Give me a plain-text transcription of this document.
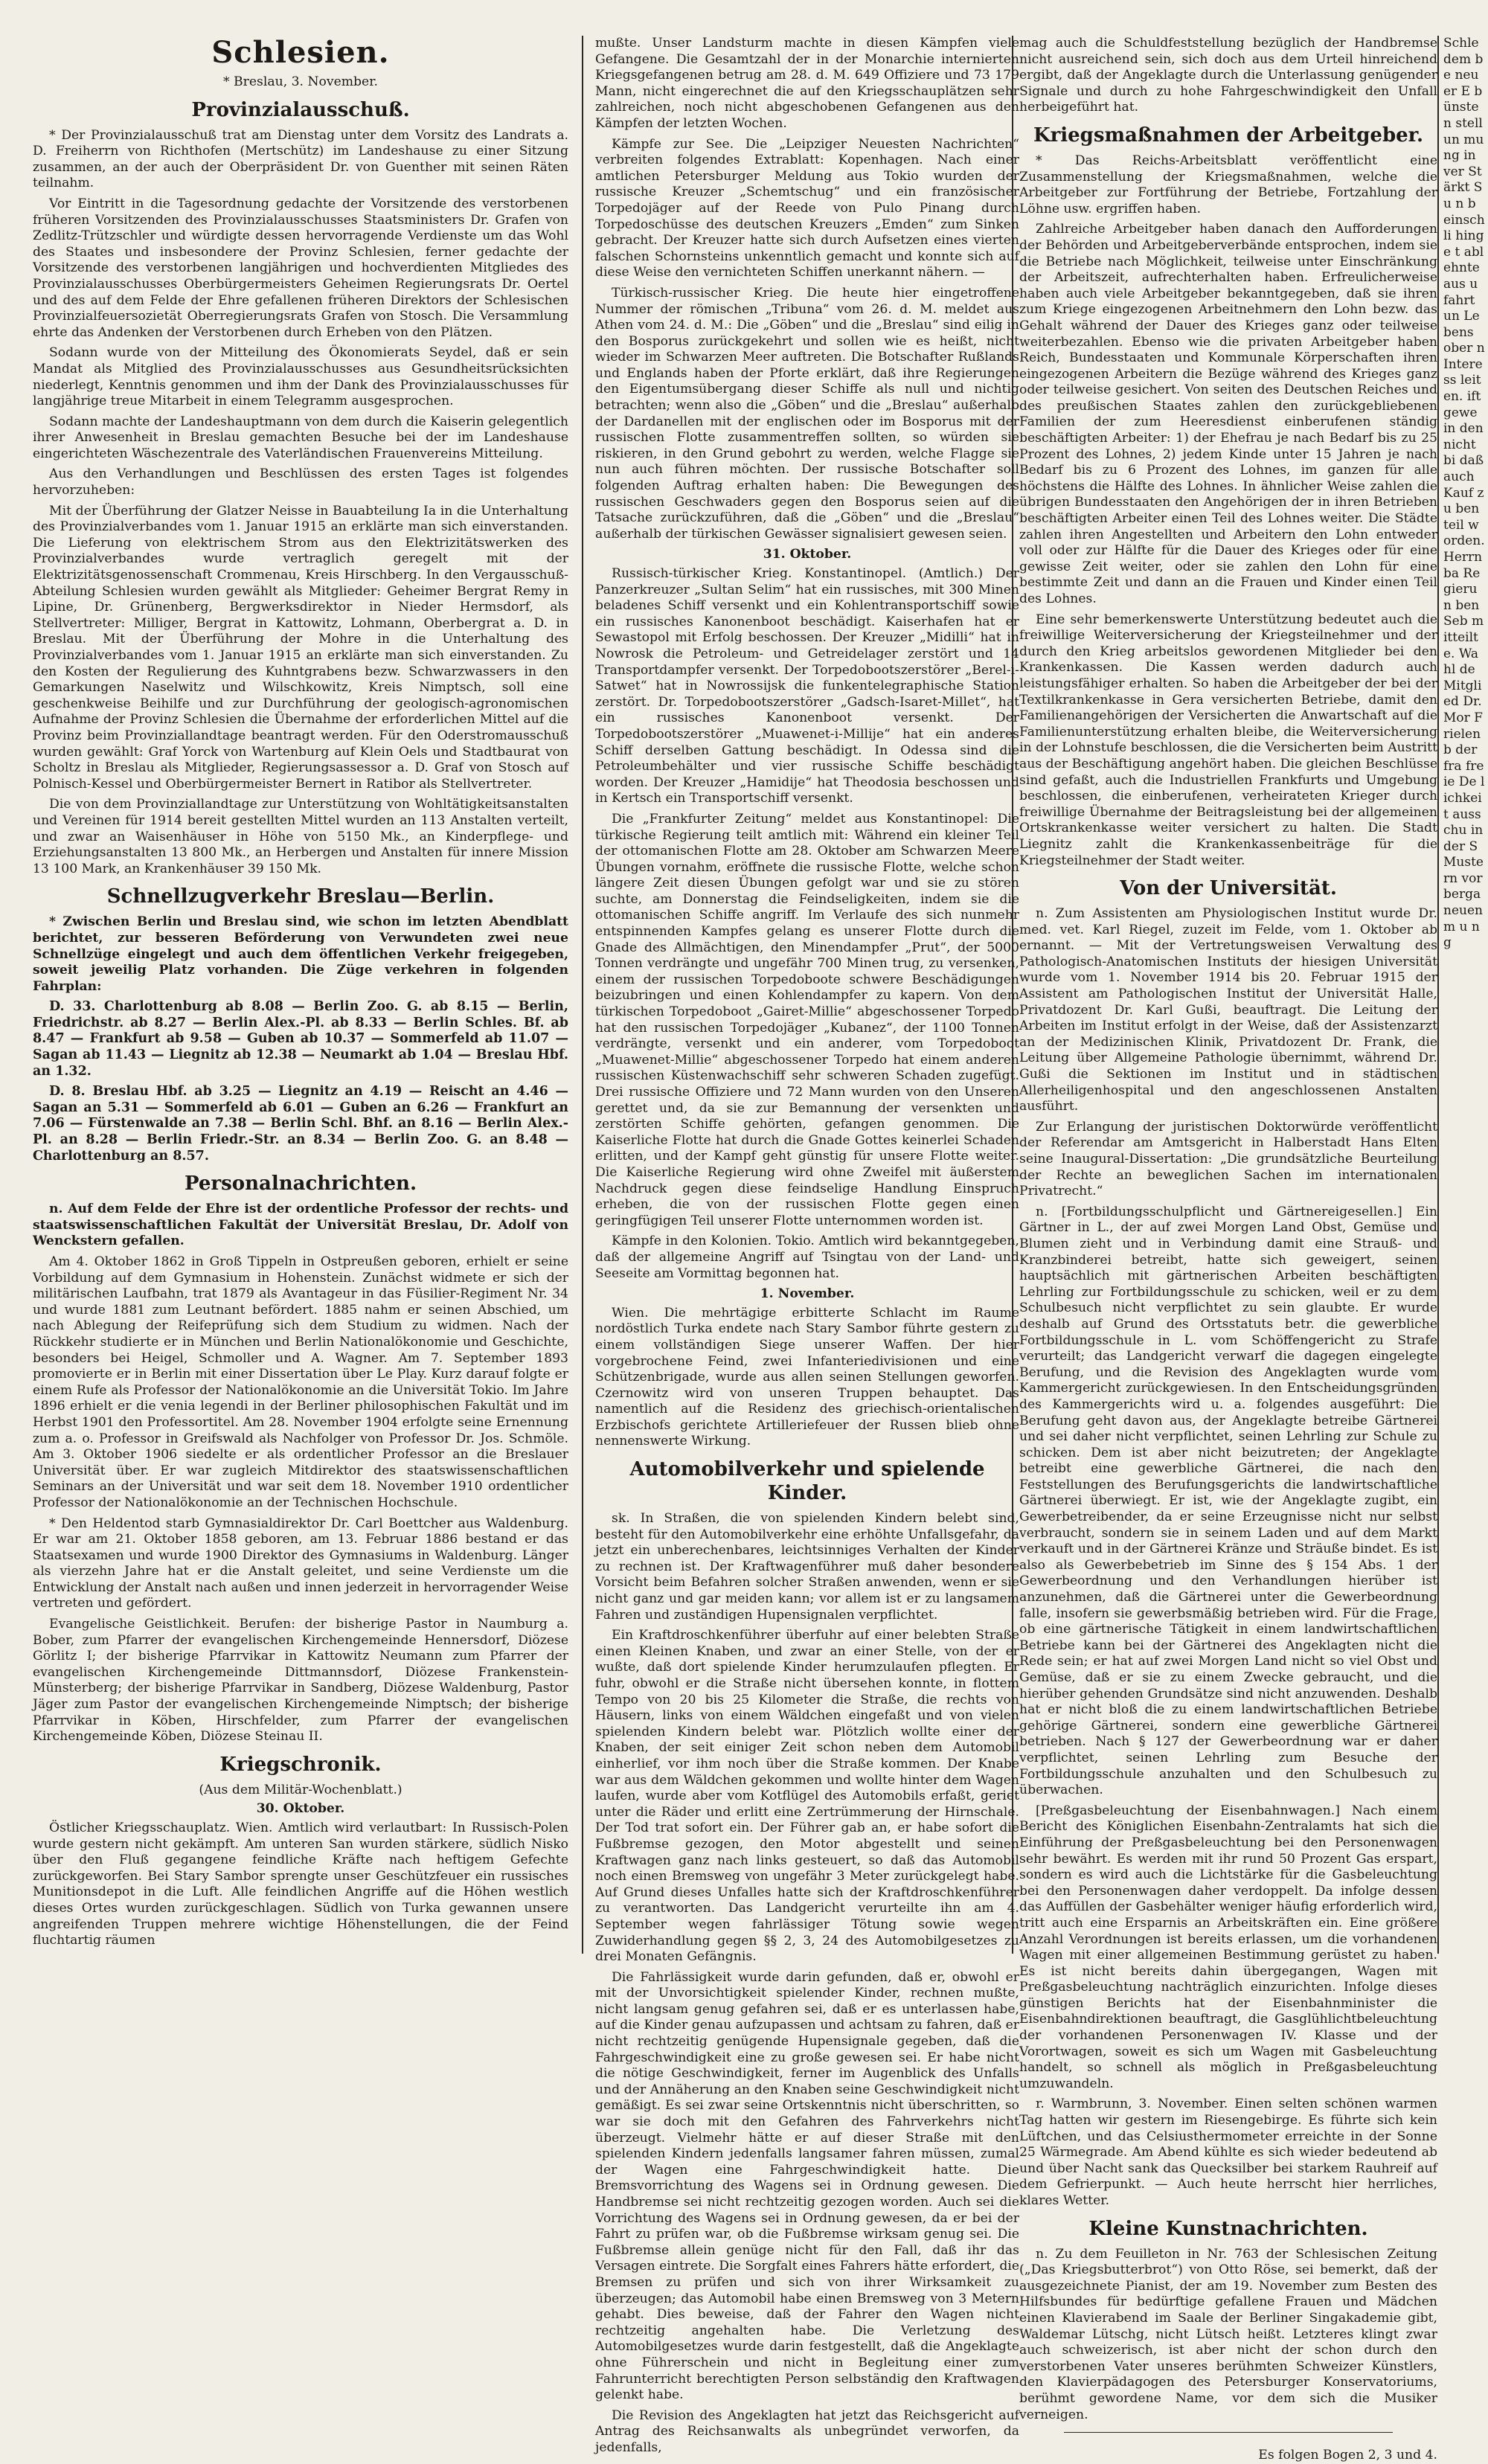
Schlesien.

* Breslau, 3. November.

Provinzialausschuß.

* Der Provinzialausschuß trat am Dienstag unter dem Vorsitz des Landrats a. D. Freiherrn von Richthofen (Mertschütz) im Landeshause zu einer Sitzung zusammen, an der auch der Oberpräsident Dr. von Guenther mit seinen Räten teilnahm.

Vor Eintritt in die Tagesordnung gedachte der Vorsitzende des verstorbenen früheren Vorsitzenden des Provinzialausschusses Staatsministers Dr. Grafen von Zedlitz-Trützschler und würdigte dessen hervorragende Verdienste um das Wohl des Staates und insbesondere der Provinz Schlesien, ferner gedachte der Vorsitzende des verstorbenen langjährigen und hochverdienten Mitgliedes des Provinzialausschusses Oberbürgermeisters Geheimen Regierungsrats Dr. Oertel und des auf dem Felde der Ehre gefallenen früheren Direktors der Schlesischen Provinzialfeuersozietät Oberregierungsrats Grafen von Stosch. Die Versammlung ehrte das Andenken der Verstorbenen durch Erheben von den Plätzen.

Sodann wurde von der Mitteilung des Ökonomierats Seydel, daß er sein Mandat als Mitglied des Provinzialausschusses aus Gesundheitsrücksichten niederlegt, Kenntnis genommen und ihm der Dank des Provinzialausschusses für langjährige treue Mitarbeit in einem Telegramm ausgesprochen.

Sodann machte der Landeshauptmann von dem durch die Kaiserin gelegentlich ihrer Anwesenheit in Breslau gemachten Besuche bei der im Landeshause eingerichteten Wäschezentrale des Vaterländischen Frauenvereins Mitteilung.

Aus den Verhandlungen und Beschlüssen des ersten Tages ist folgendes hervorzuheben:

Mit der Überführung der Glatzer Neisse in Bauabteilung Ia in die Unterhaltung des Provinzialverbandes vom 1. Januar 1915 an erklärte man sich einverstanden. Die Lieferung von elektrischem Strom aus den Elektrizitätswerken des Provinzialverbandes wurde vertraglich geregelt mit der Elektrizitätsgenossenschaft Crommenau, Kreis Hirschberg. In den Vergausschuß-Abteilung Schlesien wurden gewählt als Mitglieder: Geheimer Bergrat Remy in Lipine, Dr. Grünenberg, Bergwerksdirektor in Nieder Hermsdorf, als Stellvertreter: Milliger, Bergrat in Kattowitz, Lohmann, Oberbergrat a. D. in Breslau. Mit der Überführung der Mohre in die Unterhaltung des Provinzialverbandes vom 1. Januar 1915 an erklärte man sich einverstanden. Zu den Kosten der Regulierung des Kuhntgrabens bezw. Schwarzwassers in den Gemarkungen Naselwitz und Wilschkowitz, Kreis Nimptsch, soll eine geschenkweise Beihilfe und zur Durchführung der geologisch-agronomischen Aufnahme der Provinz Schlesien die Übernahme der erforderlichen Mittel auf die Provinz beim Provinziallandtage beantragt werden. Für den Oderstromausschuß wurden gewählt: Graf Yorck von Wartenburg auf Klein Oels und Stadtbaurat von Scholtz in Breslau als Mitglieder, Regierungsassessor a. D. Graf von Stosch auf Polnisch-Kessel und Oberbürgermeister Bernert in Ratibor als Stellvertreter.

Die von dem Provinziallandtage zur Unterstützung von Wohltätigkeitsanstalten und Vereinen für 1914 bereit gestellten Mittel wurden an 113 Anstalten verteilt, und zwar an Waisenhäuser in Höhe von 5150 Mk., an Kinderpflege- und Erziehungsanstalten 13 800 Mk., an Herbergen und Anstalten für innere Mission 13 100 Mark, an Krankenhäuser 39 150 Mk.

Schnellzugverkehr Breslau—Berlin.

* Zwischen Berlin und Breslau sind, wie schon im letzten Abendblatt berichtet, zur besseren Beförderung von Verwundeten zwei neue Schnellzüge eingelegt und auch dem öffentlichen Verkehr freigegeben, soweit jeweilig Platz vorhanden. Die Züge verkehren in folgenden Fahrplan:

D. 33. Charlottenburg ab 8.08 — Berlin Zoo. G. ab 8.15 — Berlin, Friedrichstr. ab 8.27 — Berlin Alex.-Pl. ab 8.33 — Berlin Schles. Bf. ab 8.47 — Frankfurt ab 9.58 — Guben ab 10.37 — Sommerfeld ab 11.07 — Sagan ab 11.43 — Liegnitz ab 12.38 — Neumarkt ab 1.04 — Breslau Hbf. an 1.32.

D. 8. Breslau Hbf. ab 3.25 — Liegnitz an 4.19 — Reischt an 4.46 — Sagan an 5.31 — Sommerfeld ab 6.01 — Guben an 6.26 — Frankfurt an 7.06 — Fürstenwalde an 7.38 — Berlin Schl. Bhf. an 8.16 — Berlin Alex.-Pl. an 8.28 — Berlin Friedr.-Str. an 8.34 — Berlin Zoo. G. an 8.48 — Charlottenburg an 8.57.

Personalnachrichten.

n. Auf dem Felde der Ehre ist der ordentliche Professor der rechts- und staatswissenschaftlichen Fakultät der Universität Breslau, Dr. Adolf von Wenckstern gefallen.

Am 4. Oktober 1862 in Groß Tippeln in Ostpreußen geboren, erhielt er seine Vorbildung auf dem Gymnasium in Hohenstein. Zunächst widmete er sich der militärischen Laufbahn, trat 1879 als Avantageur in das Füsilier-Regiment Nr. 34 und wurde 1881 zum Leutnant befördert. 1885 nahm er seinen Abschied, um nach Ablegung der Reifeprüfung sich dem Studium zu widmen. Nach der Rückkehr studierte er in München und Berlin Nationalökonomie und Geschichte, besonders bei Heigel, Schmoller und A. Wagner. Am 7. September 1893 promovierte er in Berlin mit einer Dissertation über Le Play. Kurz darauf folgte er einem Rufe als Professor der Nationalökonomie an die Universität Tokio. Im Jahre 1896 erhielt er die venia legendi in der Berliner philosophischen Fakultät und im Herbst 1901 den Professortitel. Am 28. November 1904 erfolgte seine Ernennung zum a. o. Professor in Greifswald als Nachfolger von Professor Dr. Jos. Schmöle. Am 3. Oktober 1906 siedelte er als ordentlicher Professor an die Breslauer Universität über. Er war zugleich Mitdirektor des staatswissenschaftlichen Seminars an der Universität und war seit dem 18. November 1910 ordentlicher Professor der Nationalökonomie an der Technischen Hochschule.

* Den Heldentod starb Gymnasialdirektor Dr. Carl Boettcher aus Waldenburg. Er war am 21. Oktober 1858 geboren, am 13. Februar 1886 bestand er das Staatsexamen und wurde 1900 Direktor des Gymnasiums in Waldenburg. Länger als vierzehn Jahre hat er die Anstalt geleitet, und seine Verdienste um die Entwicklung der Anstalt nach außen und innen jederzeit in hervorragender Weise vertreten und gefördert.

Evangelische Geistlichkeit. Berufen: der bisherige Pastor in Naumburg a. Bober, zum Pfarrer der evangelischen Kirchengemeinde Hennersdorf, Diözese Görlitz I; der bisherige Pfarrvikar in Kattowitz Neumann zum Pfarrer der evangelischen Kirchengemeinde Dittmannsdorf, Diözese Frankenstein-Münsterberg; der bisherige Pfarrvikar in Sandberg, Diözese Waldenburg, Pastor Jäger zum Pastor der evangelischen Kirchengemeinde Nimptsch; der bisherige Pfarrvikar in Köben, Hirschfelder, zum Pfarrer der evangelischen Kirchengemeinde Köben, Diözese Steinau II.

Kriegschronik.

(Aus dem Militär-Wochenblatt.)

30. Oktober.

Östlicher Kriegsschauplatz. Wien. Amtlich wird verlautbart: In Russisch-Polen wurde gestern nicht gekämpft. Am unteren San wurden stärkere, südlich Nisko über den Fluß gegangene feindliche Kräfte nach heftigem Gefechte zurückgeworfen. Bei Stary Sambor sprengte unser Geschützfeuer ein russisches Munitionsdepot in die Luft. Alle feindlichen Angriffe auf die Höhen westlich dieses Ortes wurden zurückgeschlagen. Südlich von Turka gewannen unsere angreifenden Truppen mehrere wichtige Höhenstellungen, die der Feind fluchtartig räumen

mußte. Unser Landsturm machte in diesen Kämpfen viele Gefangene. Die Gesamtzahl der in der Monarchie internierten Kriegsgefangenen betrug am 28. d. M. 649 Offiziere und 73 179 Mann, nicht eingerechnet die auf den Kriegsschauplätzen sehr zahlreichen, noch nicht abgeschobenen Gefangenen aus den Kämpfen der letzten Wochen.

Kämpfe zur See. Die „Leipziger Neuesten Nachrichten“ verbreiten folgendes Extrablatt: Kopenhagen. Nach einer amtlichen Petersburger Meldung aus Tokio wurden der russische Kreuzer „Schemtschug“ und ein französischer Torpedojäger auf der Reede von Pulo Pinang durch Torpedoschüsse des deutschen Kreuzers „Emden“ zum Sinken gebracht. Der Kreuzer hatte sich durch Aufsetzen eines vierten falschen Schornsteins unkenntlich gemacht und konnte sich auf diese Weise den vernichteten Schiffen unerkannt nähern. —

Türkisch-russischer Krieg. Die heute hier eingetroffene Nummer der römischen „Tribuna“ vom 26. d. M. meldet aus Athen vom 24. d. M.: Die „Göben“ und die „Breslau“ sind eilig in den Bosporus zurückgekehrt und sollen wie es heißt, nicht wieder im Schwarzen Meer auftreten. Die Botschafter Rußlands und Englands haben der Pforte erklärt, daß ihre Regierungen den Eigentumsübergang dieser Schiffe als null und nichtig betrachten; wenn also die „Göben“ und die „Breslau“ außerhalb der Dardanellen mit der englischen oder im Bosporus mit der russischen Flotte zusammentreffen sollten, so würden sie riskieren, in den Grund gebohrt zu werden, welche Flagge sie nun auch führen möchten. Der russische Botschafter soll folgenden Auftrag erhalten haben: Die Bewegungen des russischen Geschwaders gegen den Bosporus seien auf die Tatsache zurückzuführen, daß die „Göben“ und die „Breslau“ außerhalb der türkischen Gewässer signalisiert gewesen seien.

31. Oktober.

Russisch-türkischer Krieg. Konstantinopel. (Amtlich.) Der Panzerkreuzer „Sultan Selim“ hat ein russisches, mit 300 Minen beladenes Schiff versenkt und ein Kohlentransportschiff sowie ein russisches Kanonenboot beschädigt. Kaiserhafen hat er Sewastopol mit Erfolg beschossen. Der Kreuzer „Midilli“ hat in Nowrosk die Petroleum- und Getreidelager zerstört und 14 Transportdampfer versenkt. Der Torpedobootszerstörer „Berel-i-Satwet“ hat in Nowrossijsk die funkentelegraphische Station zerstört. Dr. Torpedobootszerstörer „Gadsch-Isaret-Millet“, hat ein russisches Kanonenboot versenkt. Der Torpedobootszerstörer „Muawenet-i-Millije“ hat ein anderes Schiff derselben Gattung beschädigt. In Odessa sind die Petroleumbehälter und vier russische Schiffe beschädigt worden. Der Kreuzer „Hamidije“ hat Theodosia beschossen und in Kertsch ein Transportschiff versenkt.

Die „Frankfurter Zeitung“ meldet aus Konstantinopel: Die türkische Regierung teilt amtlich mit: Während ein kleiner Teil der ottomanischen Flotte am 28. Oktober am Schwarzen Meere Übungen vornahm, eröffnete die russische Flotte, welche schon längere Zeit diesen Übungen gefolgt war und sie zu stören suchte, am Donnerstag die Feindseligkeiten, indem sie die ottomanischen Schiffe angriff. Im Verlaufe des sich nunmehr entspinnenden Kampfes gelang es unserer Flotte durch die Gnade des Allmächtigen, den Minendampfer „Prut“, der 5000 Tonnen verdrängte und ungefähr 700 Minen trug, zu versenken, einem der russischen Torpedoboote schwere Beschädigungen beizubringen und einen Kohlendampfer zu kapern. Von dem türkischen Torpedoboot „Gairet-Millie“ abgeschossener Torpedo hat den russischen Torpedojäger „Kubanez“, der 1100 Tonnen verdrängte, versenkt und ein anderer, vom Torpedoboot „Muawenet-Millie“ abgeschossener Torpedo hat einem anderen russischen Küstenwachschiff sehr schweren Schaden zugefügt. Drei russische Offiziere und 72 Mann wurden von den Unseren gerettet und, da sie zur Bemannung der versenkten und zerstörten Schiffe gehörten, gefangen genommen. Die Kaiserliche Flotte hat durch die Gnade Gottes keinerlei Schaden erlitten, und der Kampf geht günstig für unsere Flotte weiter. Die Kaiserliche Regierung wird ohne Zweifel mit äußerstem Nachdruck gegen diese feindselige Handlung Einspruch erheben, die von der russischen Flotte gegen einen geringfügigen Teil unserer Flotte unternommen worden ist.

Kämpfe in den Kolonien. Tokio. Amtlich wird bekanntgegeben, daß der allgemeine Angriff auf Tsingtau von der Land- und Seeseite am Vormittag begonnen hat.

1. November.

Wien. Die mehrtägige erbitterte Schlacht im Raume nordöstlich Turka endete nach Stary Sambor führte gestern zu einem vollständigen Siege unserer Waffen. Der hier vorgebrochene Feind, zwei Infanteriedivisionen und eine Schützenbrigade, wurde aus allen seinen Stellungen geworfen. Czernowitz wird von unseren Truppen behauptet. Das namentlich auf die Residenz des griechisch-orientalischen Erzbischofs gerichtete Artilleriefeuer der Russen blieb ohne nennenswerte Wirkung.

Automobilverkehr und spielende Kinder.

sk. In Straßen, die von spielenden Kindern belebt sind, besteht für den Automobilverkehr eine erhöhte Unfallsgefahr, da jetzt ein unberechenbares, leichtsinniges Verhalten der Kinder zu rechnen ist. Der Kraftwagenführer muß daher besondere Vorsicht beim Befahren solcher Straßen anwenden, wenn er sie nicht ganz und gar meiden kann; vor allem ist er zu langsamem Fahren und zuständigen Hupensignalen verpflichtet.

Ein Kraftdroschkenführer überfuhr auf einer belebten Straße einen Kleinen Knaben, und zwar an einer Stelle, von der er wußte, daß dort spielende Kinder herumzulaufen pflegten. Er fuhr, obwohl er die Straße nicht übersehen konnte, in flottem Tempo von 20 bis 25 Kilometer die Straße, die rechts von Häusern, links von einem Wäldchen eingefaßt und von vielen spielenden Kindern belebt war. Plötzlich wollte einer der Knaben, der seit einiger Zeit schon neben dem Automobil einherlief, vor ihm noch über die Straße kommen. Der Knabe war aus dem Wäldchen gekommen und wollte hinter dem Wagen laufen, wurde aber vom Kotflügel des Automobils erfaßt, geriet unter die Räder und erlitt eine Zertrümmerung der Hirnschale. Der Tod trat sofort ein. Der Führer gab an, er habe sofort die Fußbremse gezogen, den Motor abgestellt und seinen Kraftwagen ganz nach links gesteuert, so daß das Automobil noch einen Bremsweg von ungefähr 3 Meter zurückgelegt habe. Auf Grund dieses Unfalles hatte sich der Kraftdroschkenführer zu verantworten. Das Landgericht verurteilte ihn am 4. September wegen fahrlässiger Tötung sowie wegen Zuwiderhandlung gegen §§ 2, 3, 24 des Automobilgesetzes zu drei Monaten Gefängnis.

Die Fahrlässigkeit wurde darin gefunden, daß er, obwohl er mit der Unvorsichtigkeit spielender Kinder, rechnen mußte, nicht langsam genug gefahren sei, daß er es unterlassen habe, auf die Kinder genau aufzupassen und achtsam zu fahren, daß er nicht rechtzeitig genügende Hupensignale gegeben, daß die Fahrgeschwindigkeit eine zu große gewesen sei. Er habe nicht die nötige Geschwindigkeit, ferner im Augenblick des Unfalls und der Annäherung an den Knaben seine Geschwindigkeit nicht gemäßigt. Es sei zwar seine Ortskenntnis nicht überschritten, so war sie doch mit den Gefahren des Fahrverkehrs nicht überzeugt. Vielmehr hätte er auf dieser Straße mit den spielenden Kindern jedenfalls langsamer fahren müssen, zumal der Wagen eine Fahrgeschwindigkeit hatte. Die Bremsvorrichtung des Wagens sei in Ordnung gewesen. Die Handbremse sei nicht rechtzeitig gezogen worden. Auch sei die Vorrichtung des Wagens sei in Ordnung gewesen, da er bei der Fahrt zu prüfen war, ob die Fußbremse wirksam genug sei. Die Fußbremse allein genüge nicht für den Fall, daß ihr das Versagen eintrete. Die Sorgfalt eines Fahrers hätte erfordert, die Bremsen zu prüfen und sich von ihrer Wirksamkeit zu überzeugen; das Automobil habe einen Bremsweg von 3 Metern gehabt. Dies beweise, daß der Fahrer den Wagen nicht rechtzeitig angehalten habe. Die Verletzung des Automobilgesetzes wurde darin festgestellt, daß die Angeklagte ohne Führerschein und nicht in Begleitung einer zum Fahrunterricht berechtigten Person selbständig den Kraftwagen gelenkt habe.

Die Revision des Angeklagten hat jetzt das Reichsgericht auf Antrag des Reichsanwalts als unbegründet verworfen, da jedenfalls,

mag auch die Schuldfeststellung bezüglich der Handbremse nicht ausreichend sein, sich doch aus dem Urteil hinreichend ergibt, daß der Angeklagte durch die Unterlassung genügender Signale und durch zu hohe Fahrgeschwindigkeit den Unfall herbeigeführt hat.

Kriegsmaßnahmen der Arbeitgeber.

* Das Reichs-Arbeitsblatt veröffentlicht eine Zusammenstellung der Kriegsmaßnahmen, welche die Arbeitgeber zur Fortführung der Betriebe, Fortzahlung der Löhne usw. ergriffen haben.

Zahlreiche Arbeitgeber haben danach den Aufforderungen der Behörden und Arbeitgeberverbände entsprochen, indem sie die Betriebe nach Möglichkeit, teilweise unter Einschränkung der Arbeitszeit, aufrechterhalten haben. Erfreulicherweise haben auch viele Arbeitgeber bekanntgegeben, daß sie ihren zum Kriege eingezogenen Arbeitnehmern den Lohn bezw. das Gehalt während der Dauer des Krieges ganz oder teilweise weiterbezahlen. Ebenso wie die privaten Arbeitgeber haben Reich, Bundesstaaten und Kommunale Körperschaften ihren eingezogenen Arbeitern die Bezüge während des Krieges ganz oder teilweise gesichert. Von seiten des Deutschen Reiches und des preußischen Staates zahlen den zurückgebliebenen Familien der zum Heeresdienst einberufenen ständig beschäftigten Arbeiter: 1) der Ehefrau je nach Bedarf bis zu 25 Prozent des Lohnes, 2) jedem Kinde unter 15 Jahren je nach Bedarf bis zu 6 Prozent des Lohnes, im ganzen für alle höchstens die Hälfte des Lohnes. In ähnlicher Weise zahlen die übrigen Bundesstaaten den Angehörigen der in ihren Betrieben beschäftigten Arbeiter einen Teil des Lohnes weiter. Die Städte zahlen ihren Angestellten und Arbeitern den Lohn entweder voll oder zur Hälfte für die Dauer des Krieges oder für eine gewisse Zeit weiter, oder sie zahlen den Lohn für eine bestimmte Zeit und dann an die Frauen und Kinder einen Teil des Lohnes.

Eine sehr bemerkenswerte Unterstützung bedeutet auch die freiwillige Weiterversicherung der Kriegsteilnehmer und der durch den Krieg arbeitslos gewordenen Mitglieder bei den Krankenkassen. Die Kassen werden dadurch auch leistungsfähiger erhalten. So haben die Arbeitgeber der bei der Textilkrankenkasse in Gera versicherten Betriebe, damit den Familienangehörigen der Versicherten die Anwartschaft auf die Familienunterstützung erhalten bleibe, die Weiterversicherung in der Lohnstufe beschlossen, die die Versicherten beim Austritt aus der Beschäftigung angehört haben. Die gleichen Beschlüsse sind gefaßt, auch die Industriellen Frankfurts und Umgebung beschlossen, die einberufenen, verheirateten Krieger durch freiwillige Übernahme der Beitragsleistung bei der allgemeinen Ortskrankenkasse weiter versichert zu halten. Die Stadt Liegnitz zahlt die Krankenkassenbeiträge für die Kriegsteilnehmer der Stadt weiter.

Von der Universität.

n. Zum Assistenten am Physiologischen Institut wurde Dr. med. vet. Karl Riegel, zuzeit im Felde, vom 1. Oktober ab ernannt. — Mit der Vertretungsweisen Verwaltung des Pathologisch-Anatomischen Instituts der hiesigen Universität wurde vom 1. November 1914 bis 20. Februar 1915 der Assistent am Pathologischen Institut der Universität Halle, Privatdozent Dr. Karl Gußi, beauftragt. Die Leitung der Arbeiten im Institut erfolgt in der Weise, daß der Assistenzarzt an der Medizinischen Klinik, Privatdozent Dr. Frank, die Leitung über Allgemeine Pathologie übernimmt, während Dr. Gußi die Sektionen im Institut und in städtischen Allerheiligenhospital und den angeschlossenen Anstalten ausführt.

Zur Erlangung der juristischen Doktorwürde veröffentlicht der Referendar am Amtsgericht in Halberstadt Hans Elten seine Inaugural-Dissertation: „Die grundsätzliche Beurteilung der Rechte an beweglichen Sachen im internationalen Privatrecht.“

n. [Fortbildungsschulpflicht und Gärtnereigesellen.] Ein Gärtner in L., der auf zwei Morgen Land Obst, Gemüse und Blumen zieht und in Verbindung damit eine Strauß- und Kranzbinderei betreibt, hatte sich geweigert, seinen hauptsächlich mit gärtnerischen Arbeiten beschäftigten Lehrling zur Fortbildungsschule zu schicken, weil er zu dem Schulbesuch nicht verpflichtet zu sein glaubte. Er wurde deshalb auf Grund des Ortsstatuts betr. die gewerbliche Fortbildungsschule in L. vom Schöffengericht zu Strafe verurteilt; das Landgericht verwarf die dagegen eingelegte Berufung, und die Revision des Angeklagten wurde vom Kammergericht zurückgewiesen. In den Entscheidungsgründen des Kammergerichts wird u. a. folgendes ausgeführt: Die Berufung geht davon aus, der Angeklagte betreibe Gärtnerei und sei daher nicht verpflichtet, seinen Lehrling zur Schule zu schicken. Dem ist aber nicht beizutreten; der Angeklagte betreibt eine gewerbliche Gärtnerei, die nach den Feststellungen des Berufungsgerichts die landwirtschaftliche Gärtnerei überwiegt. Er ist, wie der Angeklagte zugibt, ein Gewerbetreibender, da er seine Erzeugnisse nicht nur selbst verbraucht, sondern sie in seinem Laden und auf dem Markt verkauft und in der Gärtnerei Kränze und Sträuße bindet. Es ist also als Gewerbebetrieb im Sinne des § 154 Abs. 1 der Gewerbeordnung und den Verhandlungen hierüber ist anzunehmen, daß die Gärtnerei unter die Gewerbeordnung falle, insofern sie gewerbsmäßig betrieben wird. Für die Frage, ob eine gärtnerische Tätigkeit in einem landwirtschaftlichen Betriebe kann bei der Gärtnerei des Angeklagten nicht die Rede sein; er hat auf zwei Morgen Land nicht so viel Obst und Gemüse, daß er sie zu einem Zwecke gebraucht, und die hierüber gehenden Grundsätze sind nicht anzuwenden. Deshalb hat er nicht bloß die zu einem landwirtschaftlichen Betriebe gehörige Gärtnerei, sondern eine gewerbliche Gärtnerei betrieben. Nach § 127 der Gewerbeordnung war er daher verpflichtet, seinen Lehrling zum Besuche der Fortbildungsschule anzuhalten und den Schulbesuch zu überwachen.

[Preßgasbeleuchtung der Eisenbahnwagen.] Nach einem Bericht des Königlichen Eisenbahn-Zentralamts hat sich die Einführung der Preßgasbeleuchtung bei den Personenwagen sehr bewährt. Es werden mit ihr rund 50 Prozent Gas erspart, sondern es wird auch die Lichtstärke für die Gasbeleuchtung bei den Personenwagen daher verdoppelt. Da infolge dessen das Auffüllen der Gasbehälter weniger häufig erforderlich wird, tritt auch eine Ersparnis an Arbeitskräften ein. Eine größere Anzahl Verordnungen ist bereits erlassen, um die vorhandenen Wagen mit einer allgemeinen Bestimmung gerüstet zu haben. Es ist nicht bereits dahin übergegangen, Wagen mit Preßgasbeleuchtung nachträglich einzurichten. Infolge dieses günstigen Berichts hat der Eisenbahnminister die Eisenbahndirektionen beauftragt, die Gasglühlichtbeleuchtung der vorhandenen Personenwagen IV. Klasse und der Vorortwagen, soweit es sich um Wagen mit Gasbeleuchtung handelt, so schnell als möglich in Preßgasbeleuchtung umzuwandeln.

r. Warmbrunn, 3. November. Einen selten schönen warmen Tag hatten wir gestern im Riesengebirge. Es führte sich kein Lüftchen, und das Celsiusthermometer erreichte in der Sonne 25 Wärmegrade. Am Abend kühlte es sich wieder bedeutend ab und über Nacht sank das Quecksilber bei starkem Rauhreif auf dem Gefrierpunkt. — Auch heute herrscht hier herrliches, klares Wetter.

Kleine Kunstnachrichten.

n. Zu dem Feuilleton in Nr. 763 der Schlesischen Zeitung („Das Kriegsbutterbrot“) von Otto Röse, sei bemerkt, daß der ausgezeichnete Pianist, der am 19. November zum Besten des Hilfsbundes für bedürftige gefallene Frauen und Mädchen einen Klavierabend im Saale der Berliner Singakademie gibt, Waldemar Lütschg, nicht Lütsch heißt. Letzteres klingt zwar auch schweizerisch, ist aber nicht der schon durch den verstorbenen Vater unseres berühmten Schweizer Künstlers, den Klavierpädagogen des Petersburger Konservatoriums, berühmt gewordene Name, vor dem sich die Musiker verneigen.

Es folgen Bogen 2, 3 und 4.

Schle dem be neuer E bünsten stellun mung in ver Stärkt S u n b einschli hinge t ablehnte aus u fahrt un Lebens ober n Interess leiten. ift gewe in den nicht bi daß auch Kauf zu ben teil worden. Herrn ba Regierun ben Seb mitteilte. Wahl de Mitglied Dr. Mor Frielenb der fra freie De lichkeit ausschu in der S Mustern vorberga neuen m u n g
